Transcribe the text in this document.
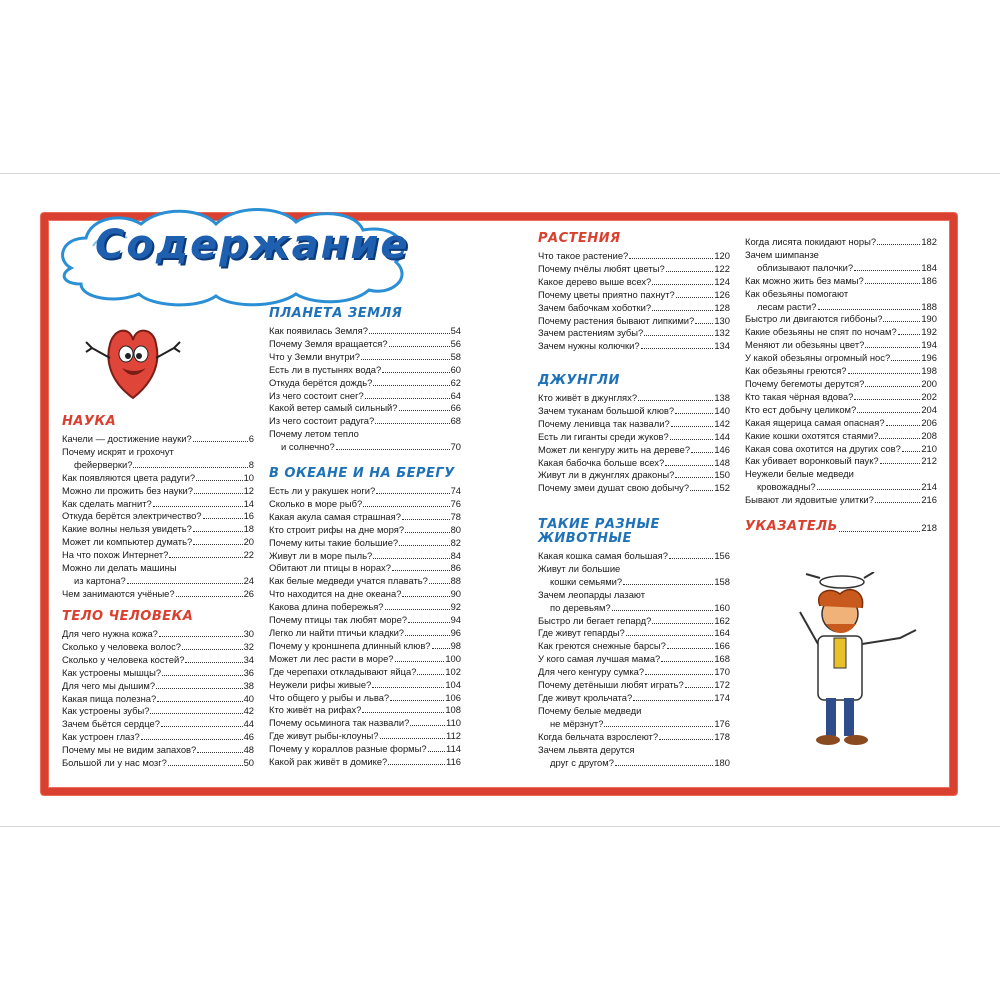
Содержание
НАУКА
Качели — достижение науки?	6
Почему искрят и грохочут
фейерверки?	8
Как появляются цвета радуги?	10
Можно ли прожить без науки?	12
Как сделать магнит?	14
Откуда берётся электричество?	16
Какие волны нельзя увидеть?	18
Может ли компьютер думать?	20
На что похож Интернет?	22
Можно ли делать машины
из картона?	24
Чем занимаются учёные?	26
ТЕЛО ЧЕЛОВЕКА
Для чего нужна кожа?	30
Сколько у человека волос?	32
Сколько у человека костей?	34
Как устроены мышцы?	36
Для чего мы дышим?	38
Какая пища полезна?	40
Как устроены зубы?	42
Зачем бьётся сердце?	44
Как устроен глаз?	46
Почему мы не видим запахов?	48
Большой ли у нас мозг?	50
ПЛАНЕТА ЗЕМЛЯ
Как появилась Земля?	54
Почему Земля вращается?	56
Что у Земли внутри?	58
Есть ли в пустынях вода?	60
Откуда берётся дождь?	62
Из чего состоит снег?	64
Какой ветер самый сильный?	66
Из чего состоит радуга?	68
Почему летом тепло
и солнечно?	70
В ОКЕАНЕ И НА БЕРЕГУ
Есть ли у ракушек ноги?	74
Сколько в море рыб?	76
Какая акула самая страшная?	78
Кто строит рифы на дне моря?	80
Почему киты такие большие?	82
Живут ли в море пыль?	84
Обитают ли птицы в норах?	86
Как белые медведи учатся плавать? 88
Что находится на дне океана?	90
Какова длина побережья?	92
Почему птицы так любят море?	94
Легко ли найти птичьи кладки?	96
Почему у кроншнепа длинный клюв? 98
Может ли лес расти в море?	100
Где черепахи откладывают яйца?	102
Неужели рифы живые?	104
Что общего у рыбы и льва?	106
Кто живёт на рифах?	108
Почему осьминога так назвали?	110
Где живут рыбы-клоуны?	112
Почему у кораллов разные формы? 114
Какой рак живёт в домике?	116
РАСТЕНИЯ
Что такое растение?	120
Почему пчёлы любят цветы?	122
Какое дерево выше всех?	124
Почему цветы приятно пахнут?	126
Зачем бабочкам хоботки?	128
Почему растения бывают липкими? 130
Зачем растениям зубы?	132
Зачем нужны колючки?	134
ДЖУНГЛИ
Кто живёт в джунглях?	138
Зачем туканам большой клюв?	140
Почему ленивца так назвали?	142
Есть ли гиганты среди жуков?	144
Может ли кенгуру жить на дереве?	146
Какая бабочка больше всех?	148
Живут ли в джунглях драконы?	150
Почему змеи душат свою добычу?	152
ТАКИЕ РАЗНЫЕ
ЖИВОТНЫЕ
Какая кошка самая большая?	156
Живут ли большие
кошки семьями?	158
Зачем леопарды лазают
по деревьям?	160
Быстро ли бегает гепард?	162
Где живут гепарды?	164
Как греются снежные барсы?	166
У кого самая лучшая мама?	168
Для чего кенгуру сумка?	170
Почему детёныши любят играть?	172
Где живут крольчата?	174
Почему белые медведи
не мёрзнут?	176
Когда бельчата взрослеют?	178
Зачем львята дерутся
друг с другом?	180
Когда лисята покидают норы?	182
Зачем шимпанзе
облизывают палочки?	184
Как можно жить без мамы?	186
Как обезьяны помогают
лесам расти?	188
Быстро ли двигаются гиббоны?	190
Какие обезьяны не спят по ночам?	192
Меняют ли обезьяны цвет?	194
У какой обезьяны огромный нос?	196
Как обезьяны греются?	198
Почему бегемоты дерутся?	200
Кто такая чёрная вдова?	202
Кто ест добычу целиком?	204
Какая ящерица самая опасная?	206
Какие кошки охотятся стаями?	208
Какая сова охотится на других сов? 210
Как убивает воронковый паук?	212
Неужели белые медведи
кровожадны?	214
Бывают ли ядовитые улитки?	216
УКАЗАТЕЛЬ	218
